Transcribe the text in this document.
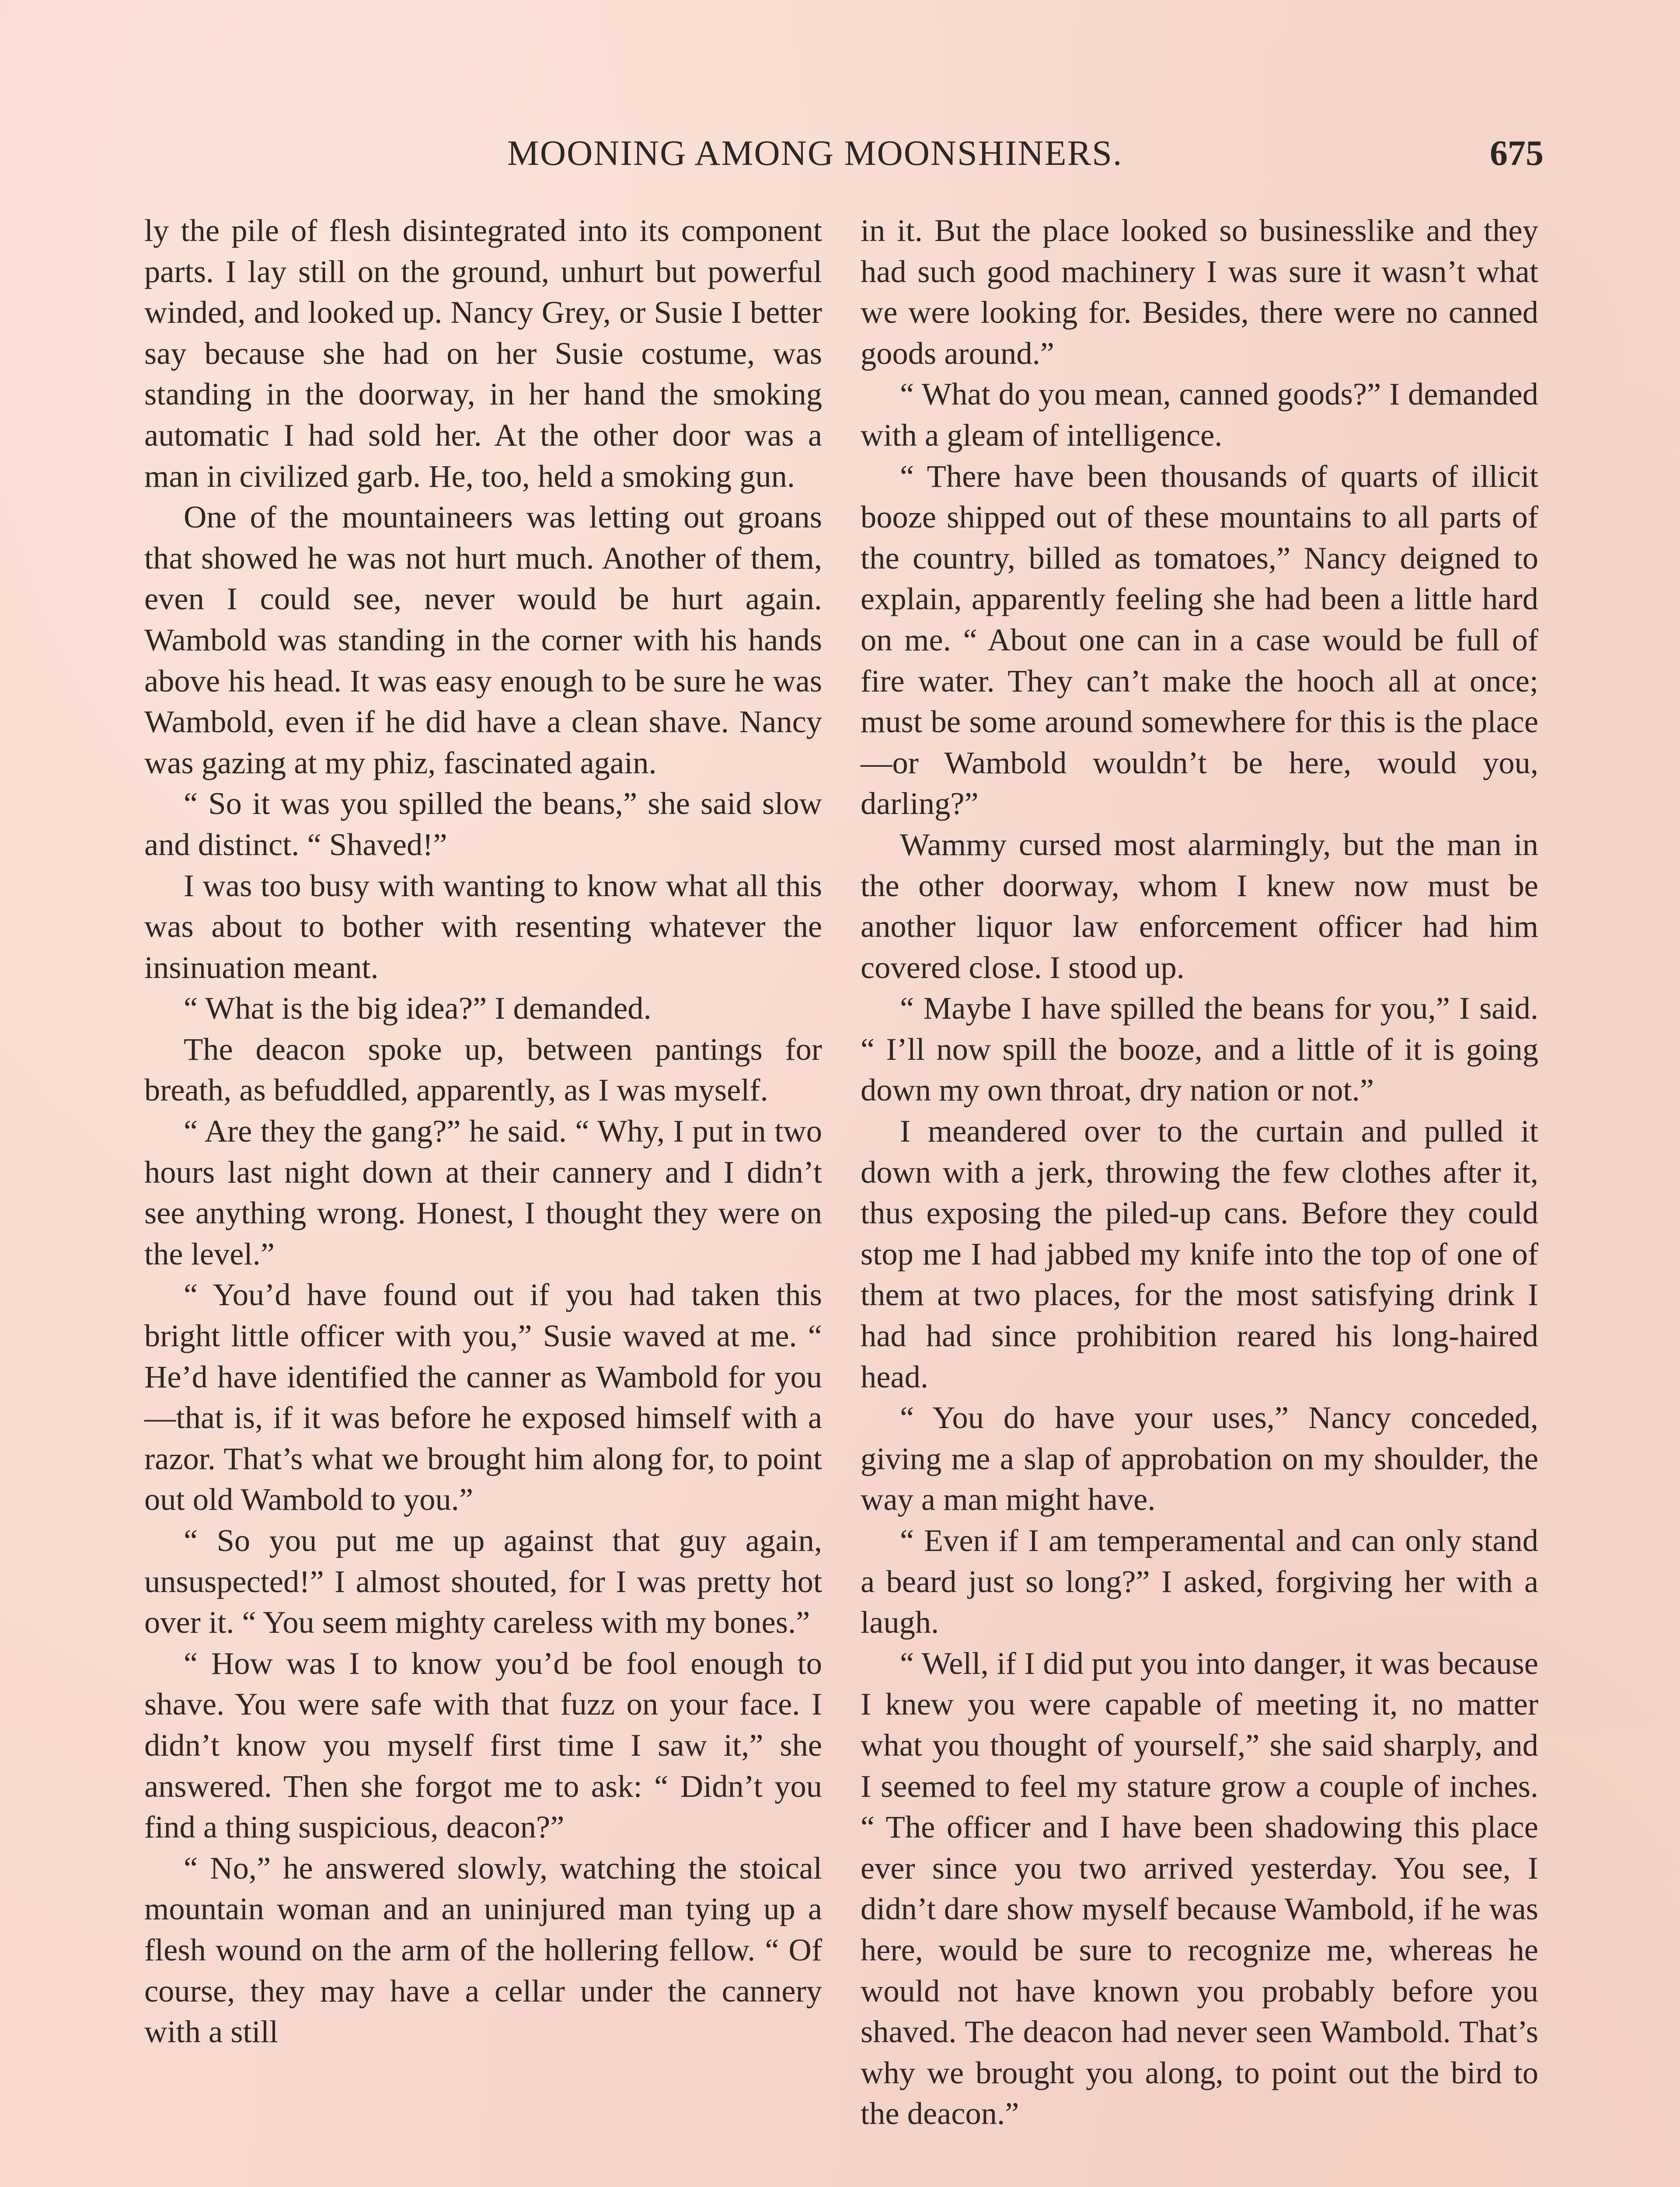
MOONING AMONG MOONSHINERS.	675

ly the pile of flesh disintegrated into its component parts. I lay still on the ground, unhurt but powerful winded, and looked up. Nancy Grey, or Susie I better say because she had on her Susie costume, was standing in the doorway, in her hand the smoking automatic I had sold her. At the other door was a man in civilized garb. He, too, held a smoking gun.

One of the mountaineers was letting out groans that showed he was not hurt much. Another of them, even I could see, never would be hurt again. Wambold was standing in the corner with his hands above his head. It was easy enough to be sure he was Wambold, even if he did have a clean shave. Nancy was gazing at my phiz, fascinated again.

“ So it was you spilled the beans,” she said slow and distinct. “ Shaved!”

I was too busy with wanting to know what all this was about to bother with resenting whatever the insinuation meant.

“ What is the big idea?” I demanded.

The deacon spoke up, between pantings for breath, as befuddled, apparently, as I was myself.

“ Are they the gang?” he said. “ Why, I put in two hours last night down at their cannery and I didn’t see anything wrong. Honest, I thought they were on the level.”

“ You’d have found out if you had taken this bright little officer with you,” Susie waved at me. “ He’d have identified the canner as Wambold for you—that is, if it was before he exposed himself with a razor. That’s what we brought him along for, to point out old Wambold to you.”

“ So you put me up against that guy again, unsuspected!” I almost shouted, for I was pretty hot over it. “ You seem mighty careless with my bones.”

“ How was I to know you’d be fool enough to shave. You were safe with that fuzz on your face. I didn’t know you myself first time I saw it,” she answered. Then she forgot me to ask: “ Didn’t you find a thing suspicious, deacon?”

“ No,” he answered slowly, watching the stoical mountain woman and an uninjured man tying up a flesh wound on the arm of the hollering fellow. “ Of course, they may have a cellar under the cannery with a still

in it. But the place looked so businesslike and they had such good machinery I was sure it wasn’t what we were looking for. Besides, there were no canned goods around.”

“ What do you mean, canned goods?” I demanded with a gleam of intelligence.

“ There have been thousands of quarts of illicit booze shipped out of these mountains to all parts of the country, billed as tomatoes,” Nancy deigned to explain, apparently feeling she had been a little hard on me. “ About one can in a case would be full of fire water. They can’t make the hooch all at once; must be some around somewhere for this is the place—or Wambold wouldn’t be here, would you, darling?”

Wammy cursed most alarmingly, but the man in the other doorway, whom I knew now must be another liquor law enforcement officer had him covered close. I stood up.

“ Maybe I have spilled the beans for you,” I said. “ I’ll now spill the booze, and a little of it is going down my own throat, dry nation or not.”

I meandered over to the curtain and pulled it down with a jerk, throwing the few clothes after it, thus exposing the piled-up cans. Before they could stop me I had jabbed my knife into the top of one of them at two places, for the most satisfying drink I had had since prohibition reared his long-haired head.

“ You do have your uses,” Nancy conceded, giving me a slap of approbation on my shoulder, the way a man might have.

“ Even if I am temperamental and can only stand a beard just so long?” I asked, forgiving her with a laugh.

“ Well, if I did put you into danger, it was because I knew you were capable of meeting it, no matter what you thought of yourself,” she said sharply, and I seemed to feel my stature grow a couple of inches. “ The officer and I have been shadowing this place ever since you two arrived yesterday. You see, I didn’t dare show myself because Wambold, if he was here, would be sure to recognize me, whereas he would not have known you probably before you shaved. The deacon had never seen Wambold. That’s why we brought you along, to point out the bird to the deacon.”
